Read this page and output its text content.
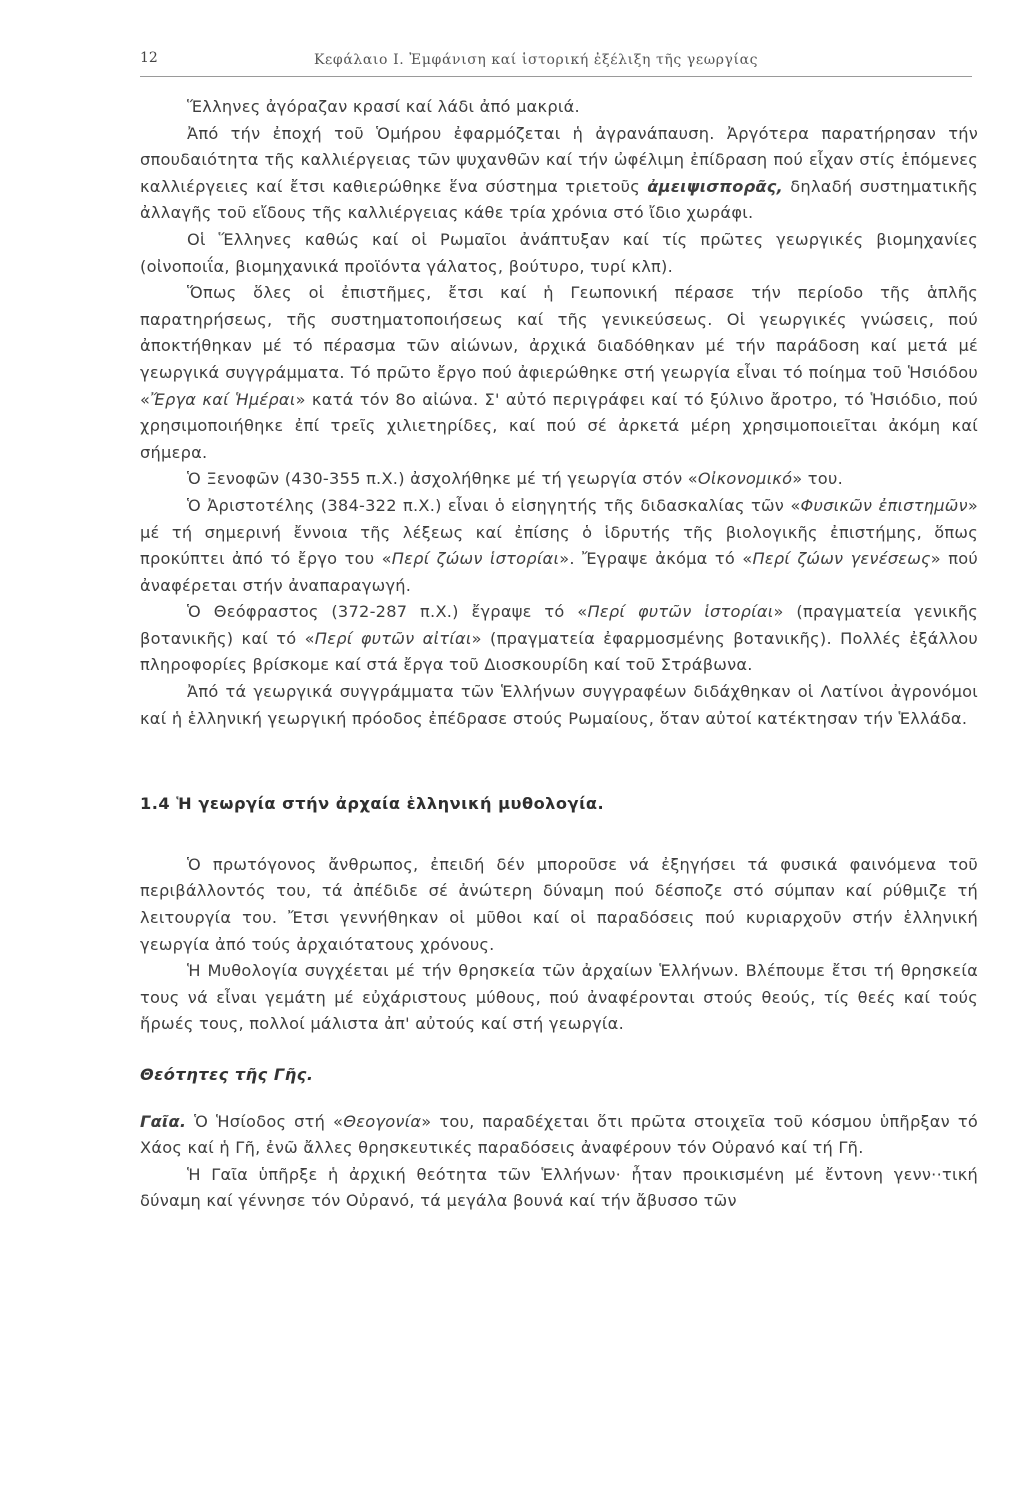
12	Κεφάλαιο Ι. Ἐμφάνιση καί ἱστορική ἐξέλιξη τῆς γεωργίας

Ἕλληνες ἀγόραζαν κρασί καί λάδι ἀπό μακριά.

Ἀπό τήν ἐποχή τοῦ Ὁμήρου ἐφαρμόζεται ἡ ἀγρανάπαυση. Ἀργότερα παρατήρησαν τήν σπουδαιότητα τῆς καλλιέργειας τῶν ψυχανθῶν καί τήν ὠφέλιμη ἐπίδραση πού εἶχαν στίς ἑπόμενες καλλιέργειες καί ἔτσι καθιερώθηκε ἕνα σύστημα τριετοῦς ἀμειψισπορᾶς, δηλαδή συστηματικῆς ἀλλαγῆς τοῦ εἴδους τῆς καλλιέργειας κάθε τρία χρόνια στό ἴδιο χωράφι.

Οἱ Ἕλληνες καθώς καί οἱ Ρωμαῖοι ἀνάπτυξαν καί τίς πρῶτες γεωργικές βιομηχανίες (οἰνοποιΐα, βιομηχανικά προϊόντα γάλατος, βούτυρο, τυρί κλπ).

Ὅπως ὅλες οἱ ἐπιστῆμες, ἔτσι καί ἡ Γεωπονική πέρασε τήν περίοδο τῆς ἁπλῆς παρατηρήσεως, τῆς συστηματοποιήσεως καί τῆς γενικεύσεως. Οἱ γεωργικές γνώσεις, πού ἀποκτήθηκαν μέ τό πέρασμα τῶν αἰώνων, ἀρχικά διαδόθηκαν μέ τήν παράδοση καί μετά μέ γεωργικά συγγράμματα. Τό πρῶτο ἔργο πού ἀφιερώθηκε στή γεωργία εἶναι τό ποίημα τοῦ Ἡσιόδου «Ἔργα καί Ἡμέραι» κατά τόν 8ο αἰώνα. Σ' αὐτό περιγράφει καί τό ξύλινο ἄροτρο, τό Ἡσιόδιο, πού χρησιμοποιήθηκε ἐπί τρεῖς χιλιετηρίδες, καί πού σέ ἀρκετά μέρη χρησιμοποιεῖται ἀκόμη καί σήμερα.

Ὁ Ξενοφῶν (430-355 π.Χ.) ἀσχολήθηκε μέ τή γεωργία στόν «Οἰκονομικό» του.

Ὁ Ἀριστοτέλης (384-322 π.Χ.) εἶναι ὁ εἰσηγητής τῆς διδασκαλίας τῶν «Φυσικῶν ἐπιστημῶν» μέ τή σημερινή ἔννοια τῆς λέξεως καί ἐπίσης ὁ ἱδρυτής τῆς βιολογικῆς ἐπιστήμης, ὅπως προκύπτει ἀπό τό ἔργο του «Περί ζώων ἱστορίαι». Ἔγραψε ἀκόμα τό «Περί ζώων γενέσεως» πού ἀναφέρεται στήν ἀναπαραγωγή.

Ὁ Θεόφραστος (372-287 π.Χ.) ἔγραψε τό «Περί φυτῶν ἱστορίαι» (πραγματεία γενικῆς βοτανικῆς) καί τό «Περί φυτῶν αἰτίαι» (πραγματεία ἐφαρμοσμένης βοτανικῆς). Πολλές ἐξάλλου πληροφορίες βρίσκομε καί στά ἔργα τοῦ Διοσκουρίδη καί τοῦ Στράβωνα.

Ἀπό τά γεωργικά συγγράμματα τῶν Ἑλλήνων συγγραφέων διδάχθηκαν οἱ Λατίνοι ἀγρονόμοι καί ἡ ἑλληνική γεωργική πρόοδος ἐπέδρασε στούς Ρωμαίους, ὅταν αὐτοί κατέκτησαν τήν Ἑλλάδα.

1.4 Ἡ γεωργία στήν ἀρχαία ἑλληνική μυθολογία.

Ὁ πρωτόγονος ἄνθρωπος, ἐπειδή δέν μποροῦσε νά ἐξηγήσει τά φυσικά φαινόμενα τοῦ περιβάλλοντός του, τά ἀπέδιδε σέ ἀνώτερη δύναμη πού δέσποζε στό σύμπαν καί ρύθμιζε τή λειτουργία του. Ἔτσι γεννήθηκαν οἱ μῦθοι καί οἱ παραδόσεις πού κυριαρχοῦν στήν ἑλληνική γεωργία ἀπό τούς ἀρχαιότατους χρόνους.

Ἡ Μυθολογία συγχέεται μέ τήν θρησκεία τῶν ἀρχαίων Ἑλλήνων. Βλέπουμε ἔτσι τή θρησκεία τους νά εἶναι γεμάτη μέ εὐχάριστους μύθους, πού ἀναφέρονται στούς θεούς, τίς θεές καί τούς ἥρωές τους, πολλοί μάλιστα ἀπ' αὐτούς καί στή γεωργία.

Θεότητες τῆς Γῆς.

Γαῖα. Ὁ Ἡσίοδος στή «Θεογονία» του, παραδέχεται ὅτι πρῶτα στοιχεῖα τοῦ κόσμου ὑπῆρξαν τό Χάος καί ἡ Γῆ, ἐνῶ ἄλλες θρησκευτικές παραδόσεις ἀναφέρουν τόν Οὐρανό καί τή Γῆ.

Ἡ Γαῖα ὑπῆρξε ἡ ἀρχική θεότητα τῶν Ἑλλήνων· ἦταν προικισμένη μέ ἔντονη γενν··τική δύναμη καί γέννησε τόν Οὐρανό, τά μεγάλα βουνά καί τήν ἄβυσσο τῶν
